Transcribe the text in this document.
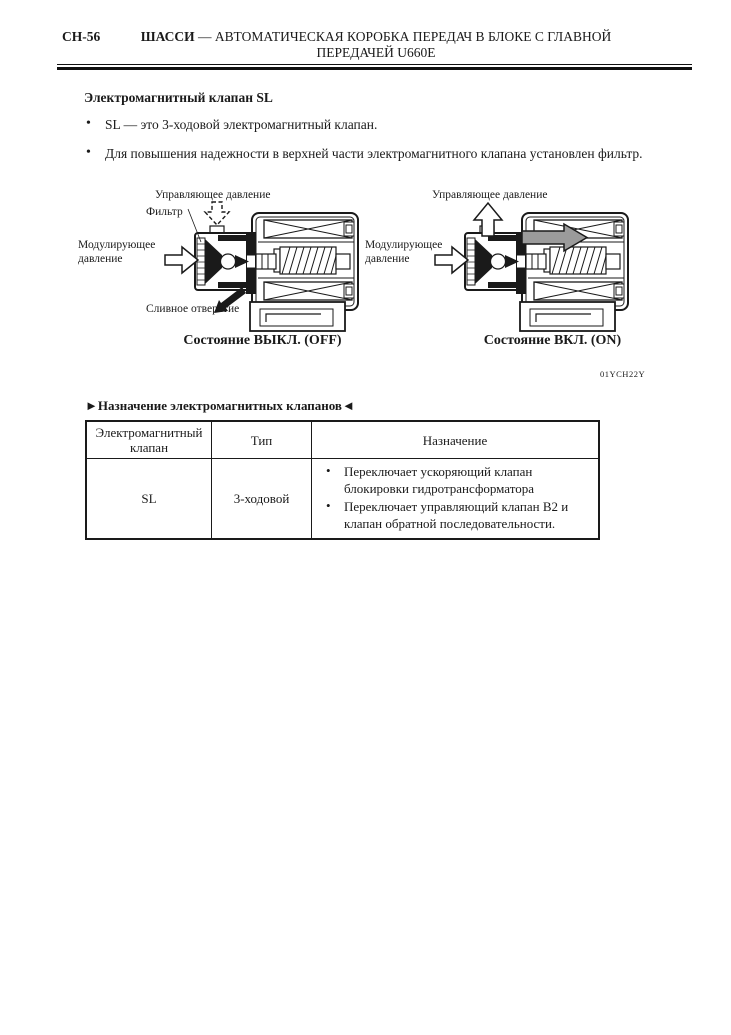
СН-56	ШАССИ — АВТОМАТИЧЕСКАЯ КОРОБКА ПЕРЕДАЧ В БЛОКЕ С ГЛАВНОЙ
ПЕРЕДАЧЕЙ U660E
Электромагнитный клапан SL
• SL — это 3-ходовой электромагнитный клапан.
• Для повышения надежности в верхней части электромагнитного клапана установлен фильтр.
Управляющее давление
Фильтр
Модулирующее давление
Сливное отверстие
Управляющее давление
Модулирующее давление
Состояние ВЫКЛ. (OFF)	Состояние ВКЛ. (ON)
01YCH22Y
►Назначение электромагнитных клапанов◄
Электромагнитный клапан	Тип	Назначение
SL	3-ходовой	• Переключает ускоряющий клапан блокировки гидротрансформатора
• Переключает управляющий клапан B2 и клапан обратной последовательности.
